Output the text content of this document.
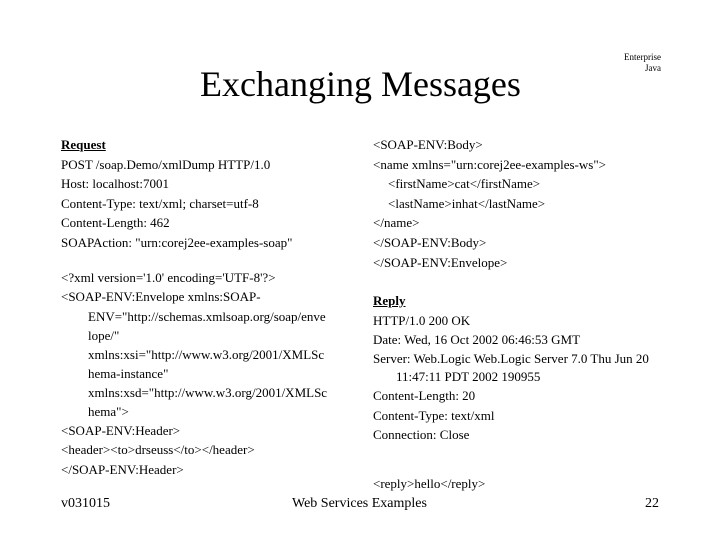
Exchanging Messages
Enterprise
Java
Request
POST /soap.Demo/xmlDump HTTP/1.0
Host: localhost:7001
Content-Type: text/xml; charset=utf-8
Content-Length: 462
SOAPAction: "urn:corej2ee-examples-soap"
<?xml version='1.0' encoding='UTF-8'?>
<SOAP-ENV:Envelope xmlns:SOAP-
ENV="http://schemas.xmlsoap.org/soap/enve
lope/"
xmlns:xsi="http://www.w3.org/2001/XMLSc
hema-instance"
xmlns:xsd="http://www.w3.org/2001/XMLSc
hema">
<SOAP-ENV:Header>
<header><to>drseuss</to></header>
</SOAP-ENV:Header>
<SOAP-ENV:Body>
<name xmlns="urn:corej2ee-examples-ws">
<firstName>cat</firstName>
<lastName>inhat</lastName>
</name>
</SOAP-ENV:Body>
</SOAP-ENV:Envelope>
Reply
HTTP/1.0 200 OK
Date: Wed, 16 Oct 2002 06:46:53 GMT
Server: Web.Logic Web.Logic Server 7.0 Thu Jun 20 11:47:11 PDT 2002 190955
Content-Length: 20
Content-Type: text/xml
Connection: Close
<reply>hello</reply>
v031015	Web Services Examples	22
